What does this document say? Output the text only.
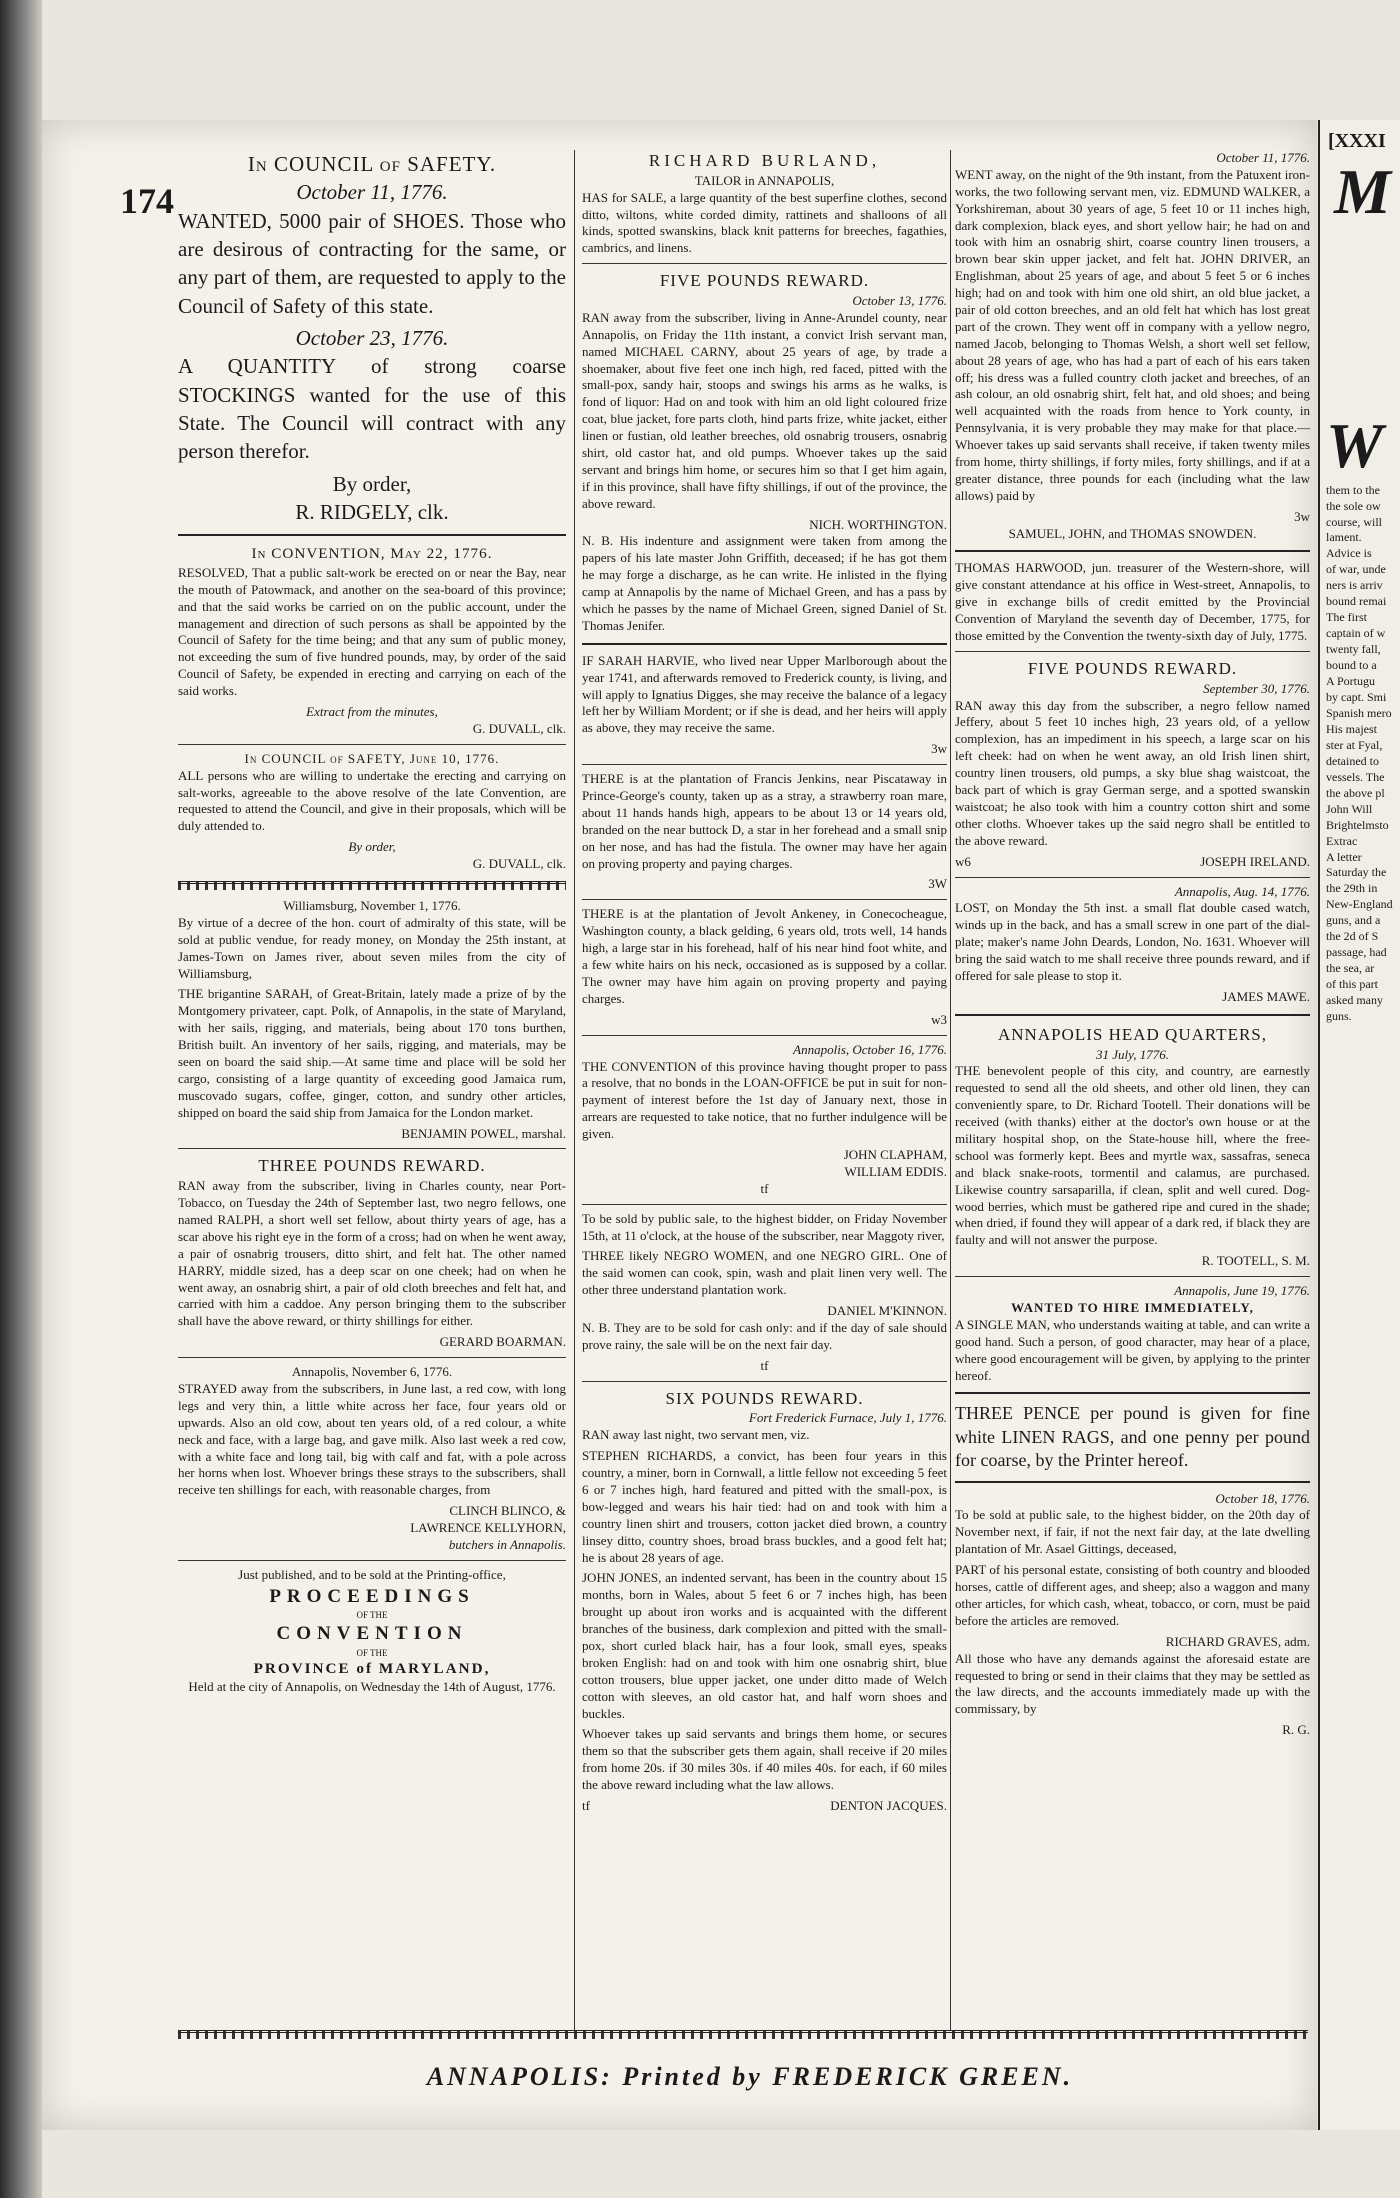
174
In COUNCIL of SAFETY.
October 11, 1776.

WANTED, 5000 pair of SHOES. Those who are desirous of contracting for the same, or any part of them, are requested to apply to the Council of Safety of this state.

October 23, 1776.

A QUANTITY of strong coarse STOCKINGS wanted for the use of this State. The Council will contract with any person therefor.

By order,
R. RIDGELY, clk.
In CONVENTION, May 22, 1776.

RESOLVED, That a public salt-work be erected on or near the Bay, near the mouth of Patowmack, and another on the sea-board of this province; and that the said works be carried on on the public account, under the management and direction of such persons as shall be appointed by the Council of Safety for the time being; and that any sum of public money, not exceeding the sum of five hundred pounds, may, by order of the said Council of Safety, be expended in erecting and carrying on each of the said works.

Extract from the minutes,
G. DUVALL, clk.
In COUNCIL of SAFETY, June 10, 1776.

ALL persons who are willing to undertake the erecting and carrying on salt-works, agreeable to the above resolve of the late Convention, are requested to attend the Council, and give in their proposals, which will be duly attended to.

By order,
G. DUVALL, clk.
Williamsburg, November 1, 1776.

By virtue of a decree of the hon. court of admiralty of this state, will be sold at public vendue, for ready money, on Monday the 25th instant, at James-Town on James river, about seven miles from the city of Williamsburg,

THE brigantine SARAH, of Great-Britain, lately made a prize of by the Montgomery privateer, capt. Polk, of Annapolis, in the state of Maryland, with her sails, rigging, and materials, being about 170 tons burthen, British built. An inventory of her sails, rigging, and materials, may be seen on board the said ship.—At same time and place will be sold her cargo, consisting of a large quantity of exceeding good Jamaica rum, muscovado sugars, coffee, ginger, cotton, and sundry other articles, shipped on board the said ship from Jamaica for the London market.

BENJAMIN POWEL, marshal.
THREE POUNDS REWARD.

RAN away from the subscriber, living in Charles county, near Port-Tobacco, on Tuesday the 24th of September last, two negro fellows, one named RALPH, a short well set fellow, about thirty years of age, has a scar above his right eye in the form of a cross; had on when he went away, a pair of osnabrig trousers, ditto shirt, and felt hat. The other named HARRY, middle sized, has a deep scar on one cheek; had on when he went away, an osnabrig shirt, a pair of old cloth breeches and felt hat, and carried with him a caddoe. Any person bringing them to the subscriber shall have the above reward, or thirty shillings for either.

GERARD BOARMAN.
Annapolis, November 6, 1776.

STRAYED away from the subscribers, in June last, a red cow, with long legs and very thin, a little white across her face, four years old or upwards. Also an old cow, about ten years old, of a red colour, a white neck and face, with a large bag, and gave milk. Also last week a red cow, with a white face and long tail, big with calf and fat, with a pole across her horns when lost. Whoever brings these strays to the subscribers, shall receive ten shillings for each, with reasonable charges, from

CLINCH BLINCO, &
LAWRENCE KELLYHORN,
butchers in Annapolis.
Just published, and to be sold at the Printing-office,
PROCEEDINGS
OF THE
CONVENTION
OF THE
PROVINCE of MARYLAND,
Held at the city of Annapolis, on Wednesday the 14th of August, 1776.
RICHARD BURLAND,
TAILOR in ANNAPOLIS,

HAS for SALE, a large quantity of the best superfine clothes, second ditto, wiltons, white corded dimity, rattinets and shalloons of all kinds, spotted swanskins, black knit patterns for breeches, fagathies, cambrics, and linens.

FIVE POUNDS REWARD.
October 13, 1776.

RAN away from the subscriber, living in Anne-Arundel county, near Annapolis, on Friday the 11th instant, a convict Irish servant man, named MICHAEL CARNY, about 25 years of age, by trade a shoemaker, about five feet one inch high, red faced, pitted with the small-pox, sandy hair, stoops and swings his arms as he walks, is fond of liquor: Had on and took with him an old light coloured frize coat, blue jacket, fore parts cloth, hind parts frize, white jacket, either linen or fustian, old leather breeches, old osnabrig trousers, osnabrig shirt, old castor hat, and old pumps. Whoever takes up the said servant and brings him home, or secures him so that I get him again, if in this province, shall have fifty shillings, if out of the province, the above reward.

NICH. WORTHINGTON.

N. B. His indenture and assignment were taken from among the papers of his late master John Griffith, deceased; if he has got them he may forge a discharge, as he can write. He inlisted in the flying camp at Annapolis by the name of Michael Green, and has a pass by which he passes by the name of Michael Green, signed Daniel of St. Thomas Jenifer.

IF SARAH HARVIE, who lived near Upper Marlborough about the year 1741, and afterwards removed to Frederick county, is living, and will apply to Ignatius Digges, she may receive the balance of a legacy left her by William Mordent; or if she is dead, and her heirs will apply as above, they may receive the same.

3w

THERE is at the plantation of Francis Jenkins, near Piscataway in Prince-George's county, taken up as a stray, a strawberry roan mare, about 11 hands hands high, appears to be about 13 or 14 years old, branded on the near buttock D, a star in her forehead and a small snip on her nose, and has had the fistula. The owner may have her again on proving property and paying charges.

3W

THERE is at the plantation of Jevolt Ankeney, in Conecocheague, Washington county, a black gelding, 6 years old, trots well, 14 hands high, a large star in his forehead, half of his near hind foot white, and a few white hairs on his neck, occasioned as is supposed by a collar. The owner may have him again on proving property and paying charges.

w3
Annapolis, October 16, 1776.

THE CONVENTION of this province having thought proper to pass a resolve, that no bonds in the LOAN-OFFICE be put in suit for non-payment of interest before the 1st day of January next, those in arrears are requested to take notice, that no further indulgence will be given.

JOHN CLAPHAM,
WILLIAM EDDIS.
tf

To be sold by public sale, to the highest bidder, on Friday November 15th, at 11 o'clock, at the house of the subscriber, near Maggoty river,

THREE likely NEGRO WOMEN, and one NEGRO GIRL. One of the said women can cook, spin, wash and plait linen very well. The other three understand plantation work.

DANIEL M'KINNON.

N. B. They are to be sold for cash only: and if the day of sale should prove rainy, the sale will be on the next fair day.

tf
SIX POUNDS REWARD.
Fort Frederick Furnace, July 1, 1776.

RAN away last night, two servant men, viz.

STEPHEN RICHARDS, a convict, has been four years in this country, a miner, born in Cornwall, a little fellow not exceeding 5 feet 6 or 7 inches high, hard featured and pitted with the small-pox, is bow-legged and wears his hair tied: had on and took with him a country linen shirt and trousers, cotton jacket died brown, a country linsey ditto, country shoes, broad brass buckles, and a good felt hat; he is about 28 years of age.

JOHN JONES, an indented servant, has been in the country about 15 months, born in Wales, about 5 feet 6 or 7 inches high, has been brought up about iron works and is acquainted with the different branches of the business, dark complexion and pitted with the small-pox, short curled black hair, has a four look, small eyes, speaks broken English: had on and took with him one osnabrig shirt, blue cotton trousers, blue upper jacket, one under ditto made of Welch cotton with sleeves, an old castor hat, and half worn shoes and buckles.

Whoever takes up said servants and brings them home, or secures them so that the subscriber gets them again, shall receive if 20 miles from home 20s. if 30 miles 30s. if 40 miles 40s. for each, if 60 miles the above reward including what the law allows.

tf	DENTON JACQUES.
October 11, 1776.

WENT away, on the night of the 9th instant, from the Patuxent iron-works, the two following servant men, viz. EDMUND WALKER, a Yorkshireman, about 30 years of age, 5 feet 10 or 11 inches high, dark complexion, black eyes, and short yellow hair; he had on and took with him an osnabrig shirt, coarse country linen trousers, a brown bear skin upper jacket, and felt hat. JOHN DRIVER, an Englishman, about 25 years of age, and about 5 feet 5 or 6 inches high; had on and took with him one old shirt, an old blue jacket, a pair of old cotton breeches, and an old felt hat which has lost great part of the crown. They went off in company with a yellow negro, named Jacob, belonging to Thomas Welsh, a short well set fellow, about 28 years of age, who has had a part of each of his ears taken off; his dress was a fulled country cloth jacket and breeches, of an ash colour, an old osnabrig shirt, felt hat, and old shoes; and being well acquainted with the roads from hence to York county, in Pennsylvania, it is very probable they may make for that place.—Whoever takes up said servants shall receive, if taken twenty miles from home, thirty shillings, if forty miles, forty shillings, and if at a greater distance, three pounds for each (including what the law allows) paid by

3w
SAMUEL, JOHN, and THOMAS SNOWDEN.

THOMAS HARWOOD, jun. treasurer of the Western-shore, will give constant attendance at his office in West-street, Annapolis, to give in exchange bills of credit emitted by the Provincial Convention of Maryland the seventh day of December, 1775, for those emitted by the Convention the twenty-sixth day of July, 1775.

FIVE POUNDS REWARD.
September 30, 1776.

RAN away this day from the subscriber, a negro fellow named Jeffery, about 5 feet 10 inches high, 23 years old, of a yellow complexion, has an impediment in his speech, a large scar on his left cheek: had on when he went away, an old Irish linen shirt, country linen trousers, old pumps, a sky blue shag waistcoat, the back part of which is gray German serge, and a spotted swanskin waistcoat; he also took with him a country cotton shirt and some other cloths. Whoever takes up the said negro shall be entitled to the above reward.

w6	JOSEPH IRELAND.
Annapolis, Aug. 14, 1776.

LOST, on Monday the 5th inst. a small flat double cased watch, winds up in the back, and has a small screw in one part of the dial-plate; maker's name John Deards, London, No. 1631. Whoever will bring the said watch to me shall receive three pounds reward, and if offered for sale please to stop it.

JAMES MAWE.
ANNAPOLIS HEAD QUARTERS,
31 July, 1776.

THE benevolent people of this city, and country, are earnestly requested to send all the old sheets, and other old linen, they can conveniently spare, to Dr. Richard Tootell. Their donations will be received (with thanks) either at the doctor's own house or at the military hospital shop, on the State-house hill, where the free-school was formerly kept. Bees and myrtle wax, sassafras, seneca and black snake-roots, tormentil and calamus, are purchased. Likewise country sarsaparilla, if clean, split and well cured. Dog-wood berries, which must be gathered ripe and cured in the shade; when dried, if found they will appear of a dark red, if black they are faulty and will not answer the purpose.

R. TOOTELL, S. M.
Annapolis, June 19, 1776.
WANTED TO HIRE IMMEDIATELY,

A SINGLE MAN, who understands waiting at table, and can write a good hand. Such a person, of good character, may hear of a place, where good encouragement will be given, by applying to the printer hereof.

THREE PENCE per pound is given for fine white LINEN RAGS, and one penny per pound for coarse, by the Printer hereof.

October 18, 1776.

To be sold at public sale, to the highest bidder, on the 20th day of November next, if fair, if not the next fair day, at the late dwelling plantation of Mr. Asael Gittings, deceased,

PART of his personal estate, consisting of both country and blooded horses, cattle of different ages, and sheep; also a waggon and many other articles, for which cash, wheat, tobacco, or corn, must be paid before the articles are removed.

RICHARD GRAVES, adm.

All those who have any demands against the aforesaid estate are requested to bring or send in their claims that they may be settled as the law directs, and the accounts immediately made up with the commissary, by

R. G.
ANNAPOLIS: Printed by FREDERICK GREEN.

[XXXI

M
W

them to the

the sole ow

course, will

lament.

Advice is

of war, unde

ners is arriv

bound remai

The first

captain of w

twenty fall,

bound to a

A Portugu

by capt. Smi

Spanish mero

His majest

ster at Fyal,

detained to

vessels. The

the above pl

John Will

Brightelmsto

Extrac

A letter

Saturday the

the 29th in

New-England

guns, and a

the 2d of S

passage, had

the sea, ar

of this part

asked many

guns.
